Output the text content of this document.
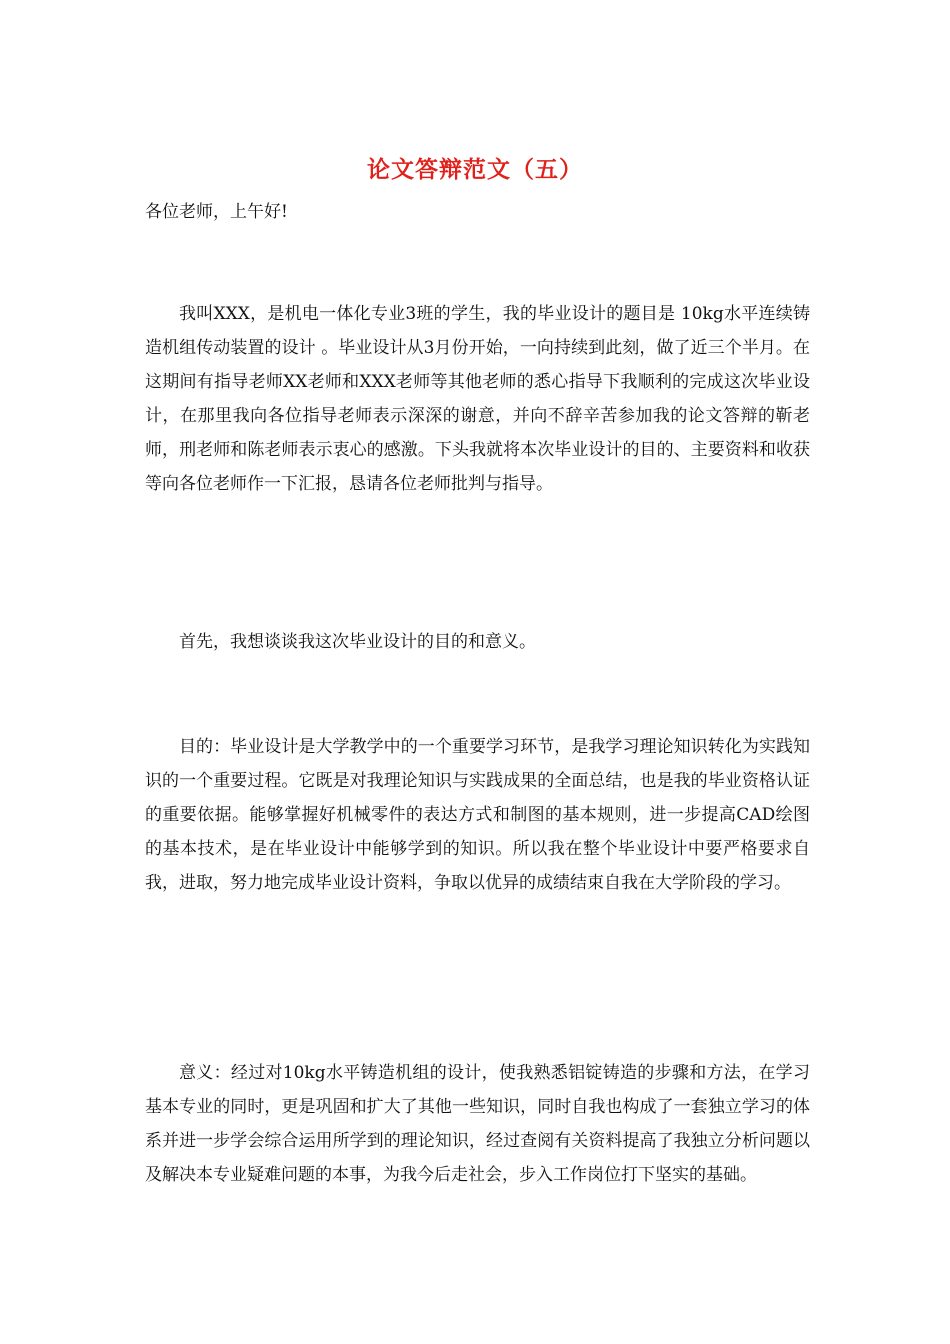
论文答辩范文（五）
各位老师，上午好!

我叫XXX，是机电一体化专业3班的学生，我的毕业设计的题目是 10kg水平连续铸造机组传动装置的设计 。毕业设计从3月份开始，一向持续到此刻，做了近三个半月。在这期间有指导老师XX老师和XXX老师等其他老师的悉心指导下我顺利的完成这次毕业设计，在那里我向各位指导老师表示深深的谢意，并向不辞辛苦参加我的论文答辩的靳老师，刑老师和陈老师表示衷心的感激。下头我就将本次毕业设计的目的、主要资料和收获等向各位老师作一下汇报，恳请各位老师批判与指导。

首先，我想谈谈我这次毕业设计的目的和意义。

目的：毕业设计是大学教学中的一个重要学习环节，是我学习理论知识转化为实践知识的一个重要过程。它既是对我理论知识与实践成果的全面总结，也是我的毕业资格认证的重要依据。能够掌握好机械零件的表达方式和制图的基本规则，进一步提高CAD绘图的基本技术，是在毕业设计中能够学到的知识。所以我在整个毕业设计中要严格要求自我，进取，努力地完成毕业设计资料，争取以优异的成绩结束自我在大学阶段的学习。

意义：经过对10kg水平铸造机组的设计，使我熟悉铝锭铸造的步骤和方法，在学习基本专业的同时，更是巩固和扩大了其他一些知识，同时自我也构成了一套独立学习的体系并进一步学会综合运用所学到的理论知识，经过查阅有关资料提高了我独立分析问题以及解决本专业疑难问题的本事，为我今后走社会，步入工作岗位打下坚实的基础。
